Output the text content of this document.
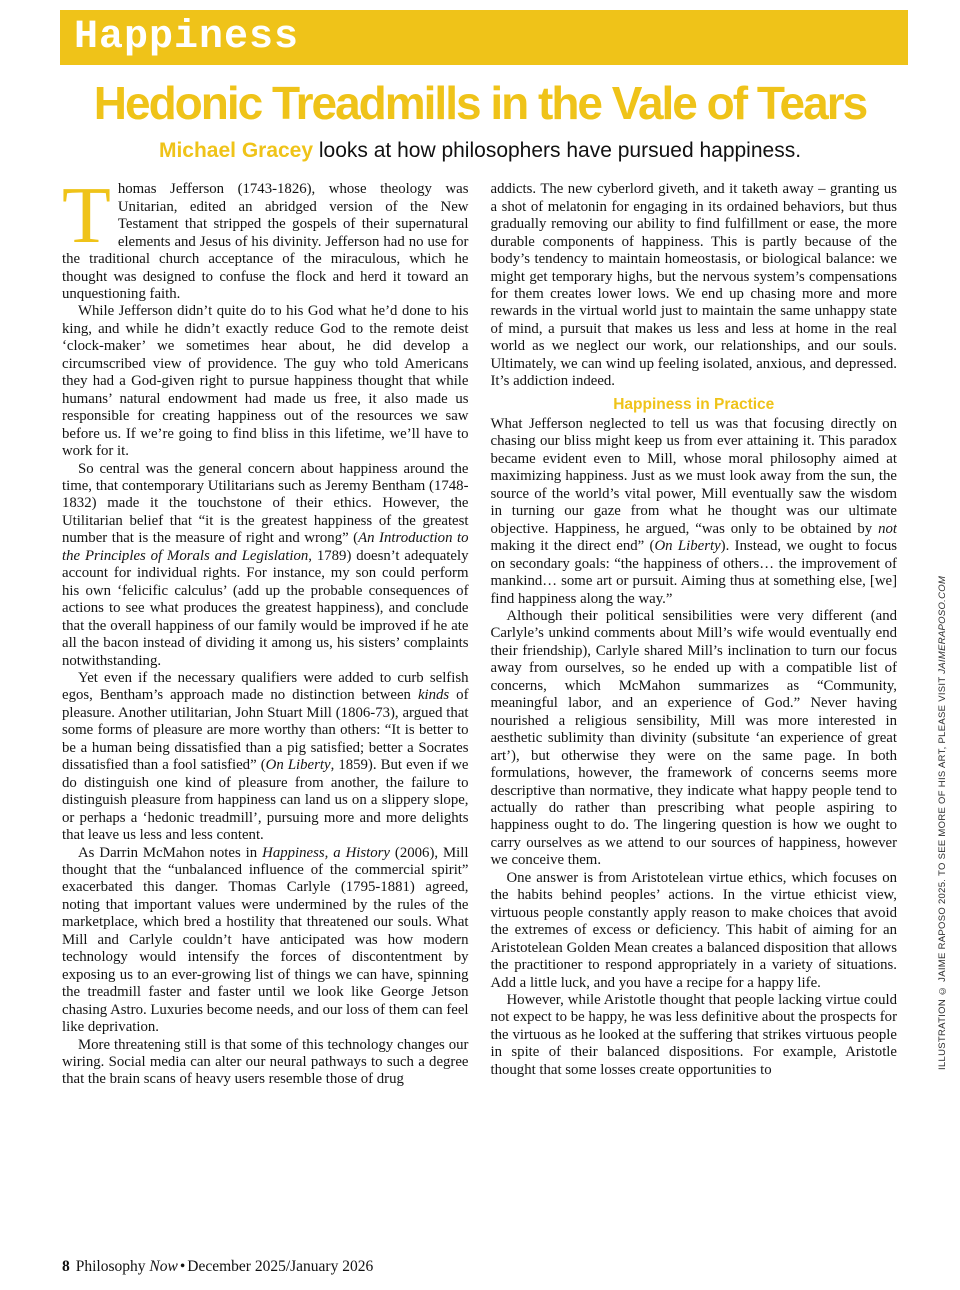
Happiness
Hedonic Treadmills in the Vale of Tears
Michael Gracey looks at how philosophers have pursued happiness.

Thomas Jefferson (1743-1826), whose theology was Unitarian, edited an abridged version of the New Testament that stripped the gospels of their supernatural elements and Jesus of his divinity. Jefferson had no use for the traditional church acceptance of the miraculous, which he thought was designed to confuse the flock and herd it toward an unquestioning faith.

While Jefferson didn’t quite do to his God what he’d done to his king, and while he didn’t exactly reduce God to the remote deist ‘clock-maker’ we sometimes hear about, he did develop a circumscribed view of providence. The guy who told Americans they had a God-given right to pursue happiness thought that while humans’ natural endowment had made us free, it also made us responsible for creating happiness out of the resources we saw before us. If we’re going to find bliss in this lifetime, we’ll have to work for it.

So central was the general concern about happiness around the time, that contemporary Utilitarians such as Jeremy Bentham (1748-1832) made it the touchstone of their ethics. However, the Utilitarian belief that “it is the greatest happiness of the greatest number that is the measure of right and wrong” (An Introduction to the Principles of Morals and Legislation, 1789) doesn’t adequately account for individual rights. For instance, my son could perform his own ‘felicific calculus’ (add up the probable consequences of actions to see what produces the greatest happiness), and conclude that the overall happiness of our family would be improved if he ate all the bacon instead of dividing it among us, his sisters’ complaints notwithstanding.

Yet even if the necessary qualifiers were added to curb selfish egos, Bentham’s approach made no distinction between kinds of pleasure. Another utilitarian, John Stuart Mill (1806-73), argued that some forms of pleasure are more worthy than others: “It is better to be a human being dissatisfied than a pig satisfied; better a Socrates dissatisfied than a fool satisfied” (On Liberty, 1859). But even if we do distinguish one kind of pleasure from another, the failure to distinguish pleasure from happiness can land us on a slippery slope, or perhaps a ‘hedonic treadmill’, pursuing more and more delights that leave us less and less content.

As Darrin McMahon notes in Happiness, a History (2006), Mill thought that the “unbalanced influence of the commercial spirit” exacerbated this danger. Thomas Carlyle (1795-1881) agreed, noting that important values were undermined by the rules of the marketplace, which bred a hostility that threatened our souls. What Mill and Carlyle couldn’t have anticipated was how modern technology would intensify the forces of discontentment by exposing us to an ever-growing list of things we can have, spinning the treadmill faster and faster until we look like George Jetson chasing Astro. Luxuries become needs, and our loss of them can feel like deprivation.

More threatening still is that some of this technology changes our wiring. Social media can alter our neural pathways to such a degree that the brain scans of heavy users resemble those of drug

addicts. The new cyberlord giveth, and it taketh away – granting us a shot of melatonin for engaging in its ordained behaviors, but thus gradually removing our ability to find fulfillment or ease, the more durable components of happiness. This is partly because of the body’s tendency to maintain homeostasis, or biological balance: we might get temporary highs, but the nervous system’s compensations for them creates lower lows. We end up chasing more and more rewards in the virtual world just to maintain the same unhappy state of mind, a pursuit that makes us less and less at home in the real world as we neglect our work, our relationships, and our souls. Ultimately, we can wind up feeling isolated, anxious, and depressed. It’s addiction indeed.

Happiness in Practice

What Jefferson neglected to tell us was that focusing directly on chasing our bliss might keep us from ever attaining it. This paradox became evident even to Mill, whose moral philosophy aimed at maximizing happiness. Just as we must look away from the sun, the source of the world’s vital power, Mill eventually saw the wisdom in turning our gaze from what he thought was our ultimate objective. Happiness, he argued, “was only to be obtained by not making it the direct end” (On Liberty). Instead, we ought to focus on secondary goals: “the happiness of others… the improvement of mankind… some art or pursuit. Aiming thus at something else, [we] find happiness along the way.”

Although their political sensibilities were very different (and Carlyle’s unkind comments about Mill’s wife would eventually end their friendship), Carlyle shared Mill’s inclination to turn our focus away from ourselves, so he ended up with a compatible list of concerns, which McMahon summarizes as “Community, meaningful labor, and an experience of God.” Never having nourished a religious sensibility, Mill was more interested in aesthetic sublimity than divinity (subsitute ‘an experience of great art’), but otherwise they were on the same page. In both formulations, however, the framework of concerns seems more descriptive than normative, they indicate what happy people tend to actually do rather than prescribing what people aspiring to happiness ought to do. The lingering question is how we ought to carry ourselves as we attend to our sources of happiness, however we conceive them.

One answer is from Aristotelean virtue ethics, which focuses on the habits behind peoples’ actions. In the virtue ethicist view, virtuous people constantly apply reason to make choices that avoid the extremes of excess or deficiency. This habit of aiming for an Aristotelean Golden Mean creates a balanced disposition that allows the practitioner to respond appropriately in a variety of situations. Add a little luck, and you have a recipe for a happy life.

However, while Aristotle thought that people lacking virtue could not expect to be happy, he was less definitive about the prospects for the virtuous as he looked at the suffering that strikes virtuous people in spite of their balanced dispositions. For example, Aristotle thought that some losses create opportunities to	ILLUSTRATION © JAIME RAPOSO 2025. TO SEE MORE OF HIS ART, PLEASE VISIT JAIMERAPOSO.COM
8 Philosophy Now • December 2025/January 2026
